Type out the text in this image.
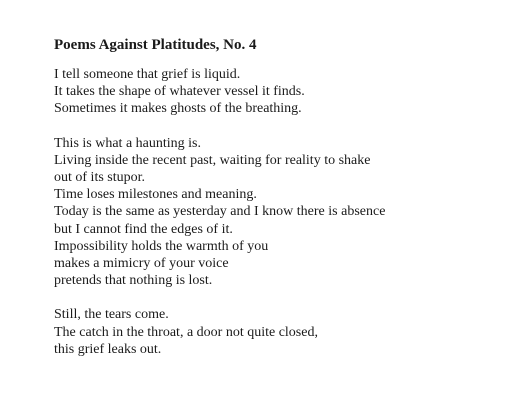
Poems Against Platitudes, No. 4
I tell someone that grief is liquid.
It takes the shape of whatever vessel it finds.
Sometimes it makes ghosts of the breathing.
This is what a haunting is.
Living inside the recent past, waiting for reality to shake
out of its stupor.
Time loses milestones and meaning.
Today is the same as yesterday and I know there is absence
but I cannot find the edges of it.
Impossibility holds the warmth of you
makes a mimicry of your voice
pretends that nothing is lost.
Still, the tears come.
The catch in the throat, a door not quite closed,
this grief leaks out.
